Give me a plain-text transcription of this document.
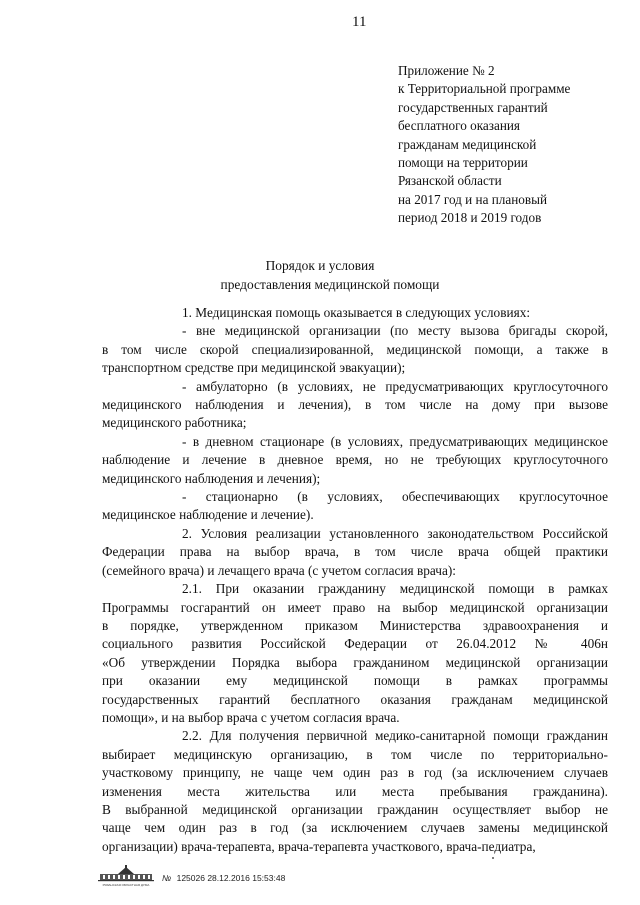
11
Приложение № 2
к Территориальной программе
государственных гарантий
бесплатного оказания
гражданам медицинской
помощи на территории
Рязанской области
на 2017 год и на плановый
период 2018 и 2019 годов
Порядок и условия
предоставления медицинской помощи
1. Медицинская помощь оказывается в следующих условиях:
- вне медицинской организации (по месту вызова бригады скорой,
в том числе скорой специализированной, медицинской помощи, а также в
транспортном средстве при медицинской эвакуации);
- амбулаторно (в условиях, не предусматривающих круглосуточного
медицинского наблюдения и лечения), в том числе на дому при вызове
медицинского работника;
- в дневном стационаре (в условиях, предусматривающих медицинское
наблюдение и лечение в дневное время, но не требующих круглосуточного
медицинского наблюдения и лечения);
- стационарно (в условиях, обеспечивающих круглосуточное
медицинское наблюдение и лечение).
2. Условия реализации установленного законодательством Российской
Федерации права на выбор врача, в том числе врача общей практики
(семейного врача) и лечащего врача (с учетом согласия врача):
2.1. При оказании гражданину медицинской помощи в рамках
Программы госгарантий он имеет право на выбор медицинской организации
в порядке, утвержденном приказом Министерства здравоохранения и
социального развития Российской Федерации от 26.04.2012 № 406н
«Об утверждении Порядка выбора гражданином медицинской организации
при оказании ему медицинской помощи в рамках программы
государственных гарантий бесплатного оказания гражданам медицинской
помощи», и на выбор врача с учетом согласия врача.
2.2. Для получения первичной медико-санитарной помощи гражданин
выбирает медицинскую организацию, в том числе по территориально-
участковому принципу, не чаще чем один раз в год (за исключением случаев
изменения места жительства или места пребывания гражданина).
В выбранной медицинской организации гражданин осуществляет выбор не
чаще чем один раз в год (за исключением случаев замены медицинской
организации) врача-терапевта, врача-терапевта участкового, врача-педиатра,
РЯЗАНСКАЯ ОБЛАСТНАЯ ДУМА
№ 125026 28.12.2016 15:53:48
